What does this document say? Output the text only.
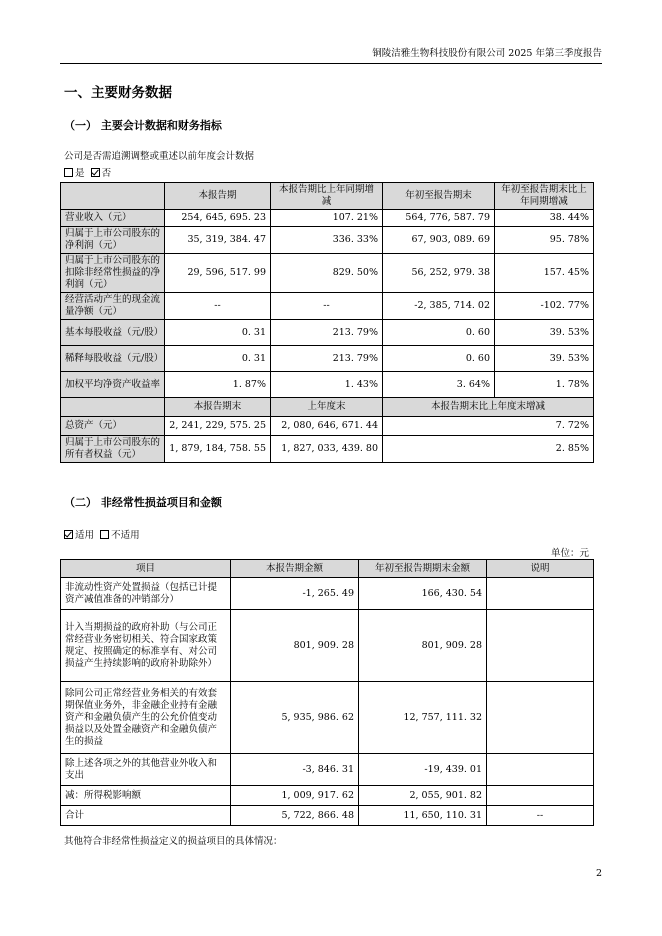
铜陵洁雅生物科技股份有限公司 2025 年第三季度报告
一、主要财务数据
（一） 主要会计数据和财务指标
公司是否需追溯调整或重述以前年度会计数据
是 否
	本报告期	本报告期比上年同期增减	年初至报告期末	年初至报告期末比上年同期增减
营业收入（元）	254, 645, 695. 23	107. 21%	564, 776, 587. 79	38. 44%
归属于上市公司股东的净利润（元）	35, 319, 384. 47	336. 33%	67, 903, 089. 69	95. 78%
归属于上市公司股东的扣除非经常性损益的净利润（元）	29, 596, 517. 99	829. 50%	56, 252, 979. 38	157. 45%
经营活动产生的现金流量净额（元）	--	--	-2, 385, 714. 02	-102. 77%
基本每股收益（元/股）	0. 31	213. 79%	0. 60	39. 53%
稀释每股收益（元/股）	0. 31	213. 79%	0. 60	39. 53%
加权平均净资产收益率	1. 87%	1. 43%	3. 64%	1. 78%
	本报告期末	上年度末	本报告期末比上年度末增减	
总资产（元）	2, 241, 229, 575. 25	2, 080, 646, 671. 44	7. 72%	
归属于上市公司股东的所有者权益（元）	1, 879, 184, 758. 55	1, 827, 033, 439. 80	2. 85%	
（二） 非经常性损益项目和金额
适用 不适用
单位：元
项目	本报告期金额	年初至报告期期末金额	说明
非流动性资产处置损益（包括已计提资产减值准备的冲销部分）	-1, 265. 49	166, 430. 54	
计入当期损益的政府补助（与公司正常经营业务密切相关、符合国家政策规定、按照确定的标准享有、对公司损益产生持续影响的政府补助除外）	801, 909. 28	801, 909. 28	
除同公司正常经营业务相关的有效套期保值业务外，非金融企业持有金融资产和金融负债产生的公允价值变动损益以及处置金融资产和金融负债产生的损益	5, 935, 986. 62	12, 757, 111. 32	
除上述各项之外的其他营业外收入和支出	-3, 846. 31	-19, 439. 01	
减：所得税影响额	1, 009, 917. 62	2, 055, 901. 82	
合计	5, 722, 866. 48	11, 650, 110. 31	--
其他符合非经常性损益定义的损益项目的具体情况：
2
